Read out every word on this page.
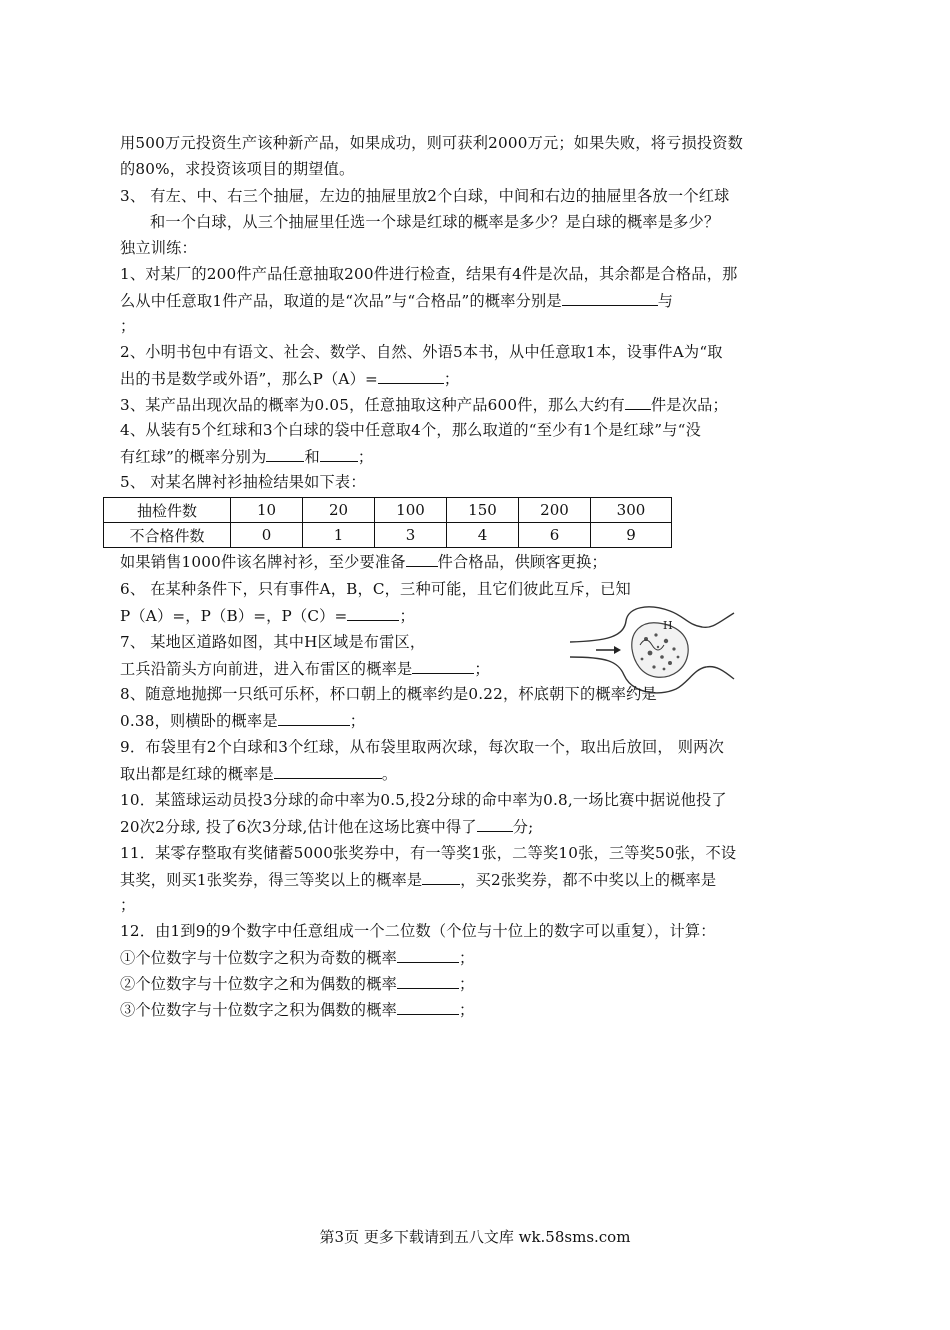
用500万元投资生产该种新产品，如果成功，则可获利2000万元；如果失败，将亏损投资数
的80%，求投资该项目的期望值。
3、 有左、中、右三个抽屉，左边的抽屉里放2个白球，中间和右边的抽屉里各放一个红球
和一个白球，从三个抽屉里任选一个球是红球的概率是多少？是白球的概率是多少？
独立训练：
1、对某厂的200件产品任意抽取200件进行检查，结果有4件是次品，其余都是合格品，那
么从中任意取1件产品，取道的是“次品”与“合格品”的概率分别是	与
；
2、小明书包中有语文、社会、数学、自然、外语5本书，从中任意取1本，设事件A为“取
出的书是数学或外语”，那么P（A）=	；
3、某产品出现次品的概率为0.05，任意抽取这种产品600件，那么大约有 件是次品；
4、从装有5个红球和3个白球的袋中任意取4个，那么取道的“至少有1个是红球”与“没
有红球”的概率分别为	和	；
5、 对某名牌衬衫抽检结果如下表：
抽检件数	10	20	100	150	200	300
不合格件数	0	1	3	4	6	9
如果销售1000件该名牌衬衫，至少要准备 件合格品，供顾客更换；
6、 在某种条件下，只有事件A，B，C，三种可能，且它们彼此互斥，已知
P（A）=，P（B）=，P（C）=	；
7、 某地区道路如图，其中H区域是布雷区，
工兵沿箭头方向前进，进入布雷区的概率是	；
H
8、随意地抛掷一只纸可乐杯，杯口朝上的概率约是0.22，杯底朝下的概率约是
0.38，则横卧的概率是	；
9．布袋里有2个白球和3个红球，从布袋里取两次球，每次取一个，取出后放回， 则两次
取出都是红球的概率是	。
10．某篮球运动员投3分球的命中率为0.5,投2分球的命中率为0.8,一场比赛中据说他投了
20次2分球, 投了6次3分球,估计他在这场比赛中得了 分;
11．某零存整取有奖储蓄5000张奖券中，有一等奖1张，二等奖10张，三等奖50张，不设
其奖，则买1张奖券，得三等奖以上的概率是	，买2张奖券，都不中奖以上的概率是
；
12．由1到9的9个数字中任意组成一个二位数（个位与十位上的数字可以重复），计算：
①个位数字与十位数字之积为奇数的概率	；
②个位数字与十位数字之和为偶数的概率	；
③个位数字与十位数字之积为偶数的概率	；
第3页 更多下载请到五八文库 wk.58sms.com
